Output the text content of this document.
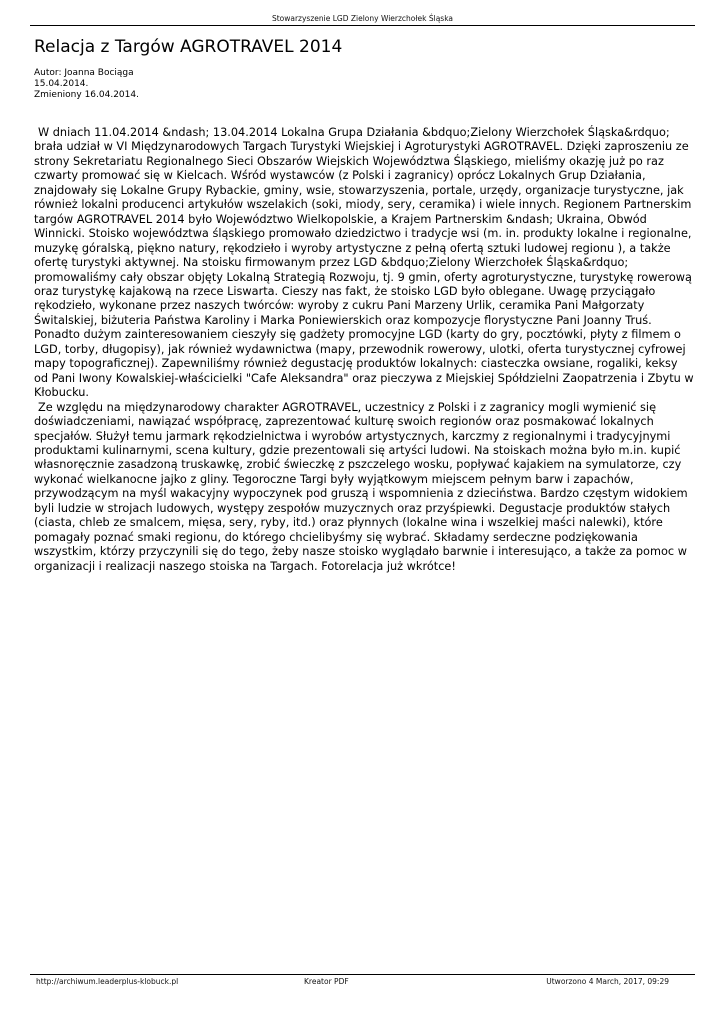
Stowarzyszenie LGD Zielony Wierzchołek Śląska
Relacja z Targów AGROTRAVEL 2014
Autor: Joanna Bociąga
15.04.2014.
Zmieniony 16.04.2014.

W dniach 11.04.2014 &ndash; 13.04.2014 Lokalna Grupa Działania &bdquo;Zielony Wierzchołek Śląska&rdquo; brała udział w VI Międzynarodowych Targach Turystyki Wiejskiej i Agroturystyki AGROTRAVEL. Dzięki zaproszeniu ze strony Sekretariatu Regionalnego Sieci Obszarów Wiejskich Województwa Śląskiego, mieliśmy okazję już po raz czwarty promować się w Kielcach. Wśród wystawców (z Polski i zagranicy) oprócz Lokalnych Grup Działania, znajdowały się Lokalne Grupy Rybackie, gminy, wsie, stowarzyszenia, portale, urzędy, organizacje turystyczne, jak również lokalni producenci artykułów wszelakich (soki, miody, sery, ceramika) i wiele innych. Regionem Partnerskim targów AGROTRAVEL 2014 było Województwo Wielkopolskie, a Krajem Partnerskim &ndash; Ukraina, Obwód Winnicki. Stoisko województwa śląskiego promowało dziedzictwo i tradycje wsi (m. in. produkty lokalne i regionalne, muzykę góralską, piękno natury, rękodzieło i wyroby artystyczne z pełną ofertą sztuki ludowej regionu ), a także ofertę turystyki aktywnej. Na stoisku firmowanym przez LGD &bdquo;Zielony Wierzchołek Śląska&rdquo; promowaliśmy cały obszar objęty Lokalną Strategią Rozwoju, tj. 9 gmin, oferty agroturystyczne, turystykę rowerową oraz turystykę kajakową na rzece Liswarta. Cieszy nas fakt, że stoisko LGD było oblegane. Uwagę przyciągało rękodzieło, wykonane przez naszych twórców: wyroby z cukru Pani Marzeny Urlik, ceramika Pani Małgorzaty Świtalskiej, biżuteria Państwa Karoliny i Marka Poniewierskich oraz kompozycje florystyczne Pani Joanny Truś. Ponadto dużym zainteresowaniem cieszyły się gadżety promocyjne LGD (karty do gry, pocztówki, płyty z filmem o LGD, torby, długopisy), jak również wydawnictwa (mapy, przewodnik rowerowy, ulotki, oferta turystycznej cyfrowej mapy topograficznej). Zapewniliśmy również degustację produktów lokalnych: ciasteczka owsiane, rogaliki, keksy od Pani Iwony Kowalskiej-właścicielki "Cafe Aleksandra" oraz pieczywa z Miejskiej Spółdzielni Zaopatrzenia i Zbytu w Kłobucku.

Ze względu na międzynarodowy charakter AGROTRAVEL, uczestnicy z Polski i z zagranicy mogli wymienić się doświadczeniami, nawiązać współpracę, zaprezentować kulturę swoich regionów oraz posmakować lokalnych specjałów. Służył temu jarmark rękodzielnictwa i wyrobów artystycznych, karczmy z regionalnymi i tradycyjnymi produktami kulinarnymi, scena kultury, gdzie prezentowali się artyści ludowi. Na stoiskach można było m.in. kupić własnoręcznie zasadzoną truskawkę, zrobić świeczkę z pszczelego wosku, popływać kajakiem na symulatorze, czy wykonać wielkanocne jajko z gliny. Tegoroczne Targi były wyjątkowym miejscem pełnym barw i zapachów, przywodzącym na myśl wakacyjny wypoczynek pod gruszą i wspomnienia z dzieciństwa. Bardzo częstym widokiem byli ludzie w strojach ludowych, występy zespołów muzycznych oraz przyśpiewki. Degustacje produktów stałych (ciasta, chleb ze smalcem, mięsa, sery, ryby, itd.) oraz płynnych (lokalne wina i wszelkiej maści nalewki), które pomagały poznać smaki regionu, do którego chcielibyśmy się wybrać. Składamy serdeczne podziękowania wszystkim, którzy przyczynili się do tego, żeby nasze stoisko wyglądało barwnie i interesująco, a także za pomoc w organizacji i realizacji naszego stoiska na Targach. Fotorelacja już wkrótce!

http://archiwum.leaderplus-klobuck.pl	Kreator PDF	Utworzono 4 March, 2017, 09:29
